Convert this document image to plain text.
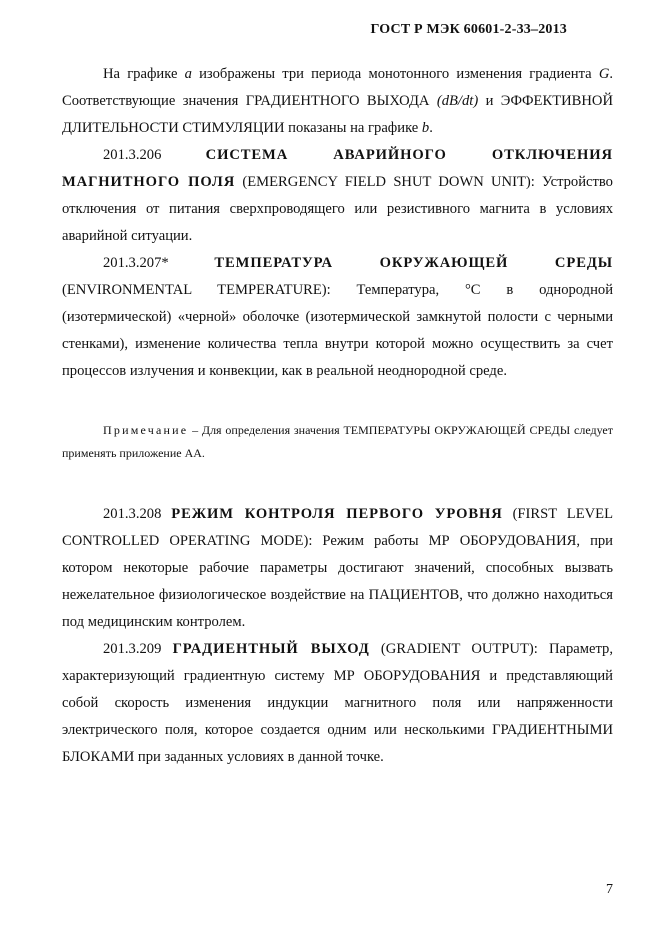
ГОСТ Р МЭК 60601-2-33–2013

На графике а изображены три периода монотонного изменения градиента G. Соответствующие значения ГРАДИЕНТНОГО ВЫХОДА (dB/dt) и ЭФФЕКТИВНОЙ ДЛИТЕЛЬНОСТИ СТИМУЛЯЦИИ показаны на графике b.

201.3.206 СИСТЕМА АВАРИЙНОГО ОТКЛЮЧЕНИЯ МАГНИТНОГО ПОЛЯ (EMERGENCY FIELD SHUT DOWN UNIT): Устройство отключения от питания сверхпроводящего или резистивного магнита в условиях аварийной ситуации.

201.3.207* ТЕМПЕРАТУРА ОКРУЖАЮЩЕЙ СРЕДЫ (ENVIRONMENTAL TEMPERATURE): Температура, °С в однородной (изотермической) «черной» оболочке (изотермической замкнутой полости с черными стенками), изменение количества тепла внутри которой можно осуществить за счет процессов излучения и конвекции, как в реальной неоднородной среде.

Примечание – Для определения значения ТЕМПЕРАТУРЫ ОКРУЖАЮЩЕЙ СРЕДЫ следует применять приложение АА.

201.3.208 РЕЖИМ КОНТРОЛЯ ПЕРВОГО УРОВНЯ (FIRST LEVEL CONTROLLED OPERATING MODE): Режим работы МР ОБОРУДОВАНИЯ, при котором некоторые рабочие параметры достигают значений, способных вызвать нежелательное физиологическое воздействие на ПАЦИЕНТОВ, что должно находиться под медицинским контролем.

201.3.209 ГРАДИЕНТНЫЙ ВЫХОД (GRADIENT OUTPUT): Параметр, характеризующий градиентную систему МР ОБОРУДОВАНИЯ и представляющий собой скорость изменения индукции магнитного поля или напряженности электрического поля, которое создается одним или несколькими ГРАДИЕНТНЫМИ БЛОКАМИ при заданных условиях в данной точке.

7
